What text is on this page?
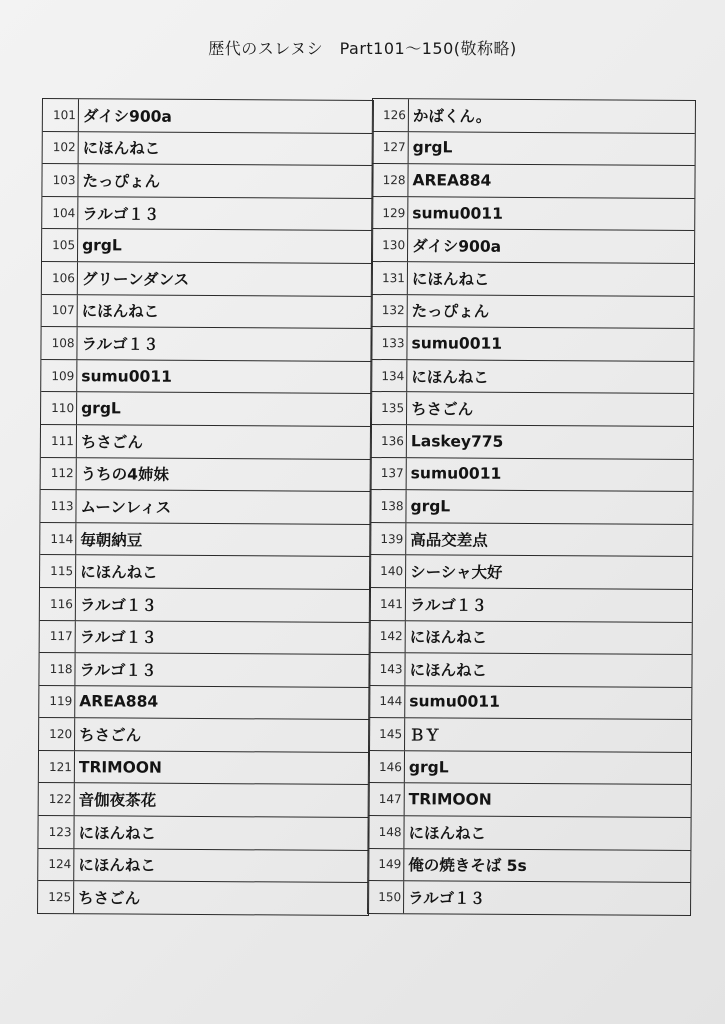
歴代のスレヌシ　Part101〜150(敬称略)
101 ダイシ900a
102 にほんねこ
103 たっぴょん
104 ラルゴ１３
105 grgL
106 グリーンダンス
107 にほんねこ
108 ラルゴ１３
109 sumu0011
110 grgL
111 ちさごん
112 うちの4姉妹
113 ムーンレィス
114 毎朝納豆
115 にほんねこ
116 ラルゴ１３
117 ラルゴ１３
118 ラルゴ１３
119 AREA884
120 ちさごん
121 TRIMOON
122 音伽夜茶花
123 にほんねこ
124 にほんねこ
125 ちさごん
126 かばくん。
127 grgL
128 AREA884
129 sumu0011
130 ダイシ900a
131 にほんねこ
132 たっぴょん
133 sumu0011
134 にほんねこ
135 ちさごん
136 Laskey775
137 sumu0011
138 grgL
139 高品交差点
140 シーシャ大好
141 ラルゴ１３
142 にほんねこ
143 にほんねこ
144 sumu0011
145 ＢＹ
146 grgL
147 TRIMOON
148 にほんねこ
149 俺の焼きそば 5s
150 ラルゴ１３
